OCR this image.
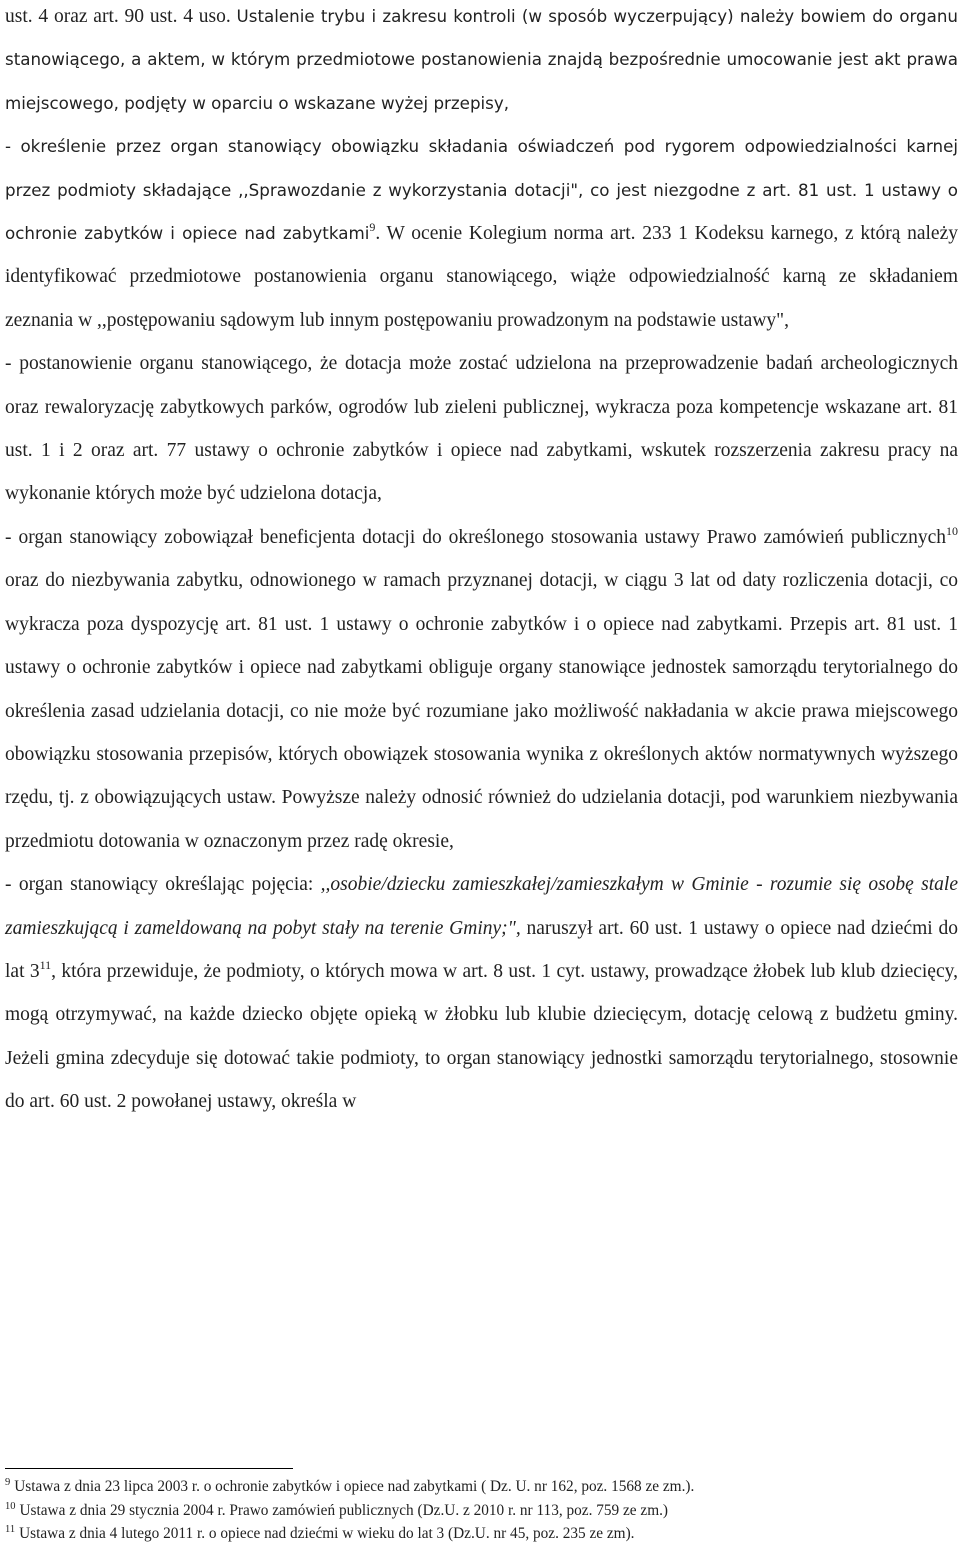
ust. 4 oraz art. 90 ust. 4 uso. Ustalenie trybu i zakresu kontroli (w sposób wyczerpujący) należy bowiem do organu stanowiącego, a aktem, w którym przedmiotowe postanowienia znajdą bezpośrednie umocowanie jest akt prawa miejscowego, podjęty w oparciu o wskazane wyżej przepisy,

- określenie przez organ stanowiący obowiązku składania oświadczeń pod rygorem odpowiedzialności karnej przez podmioty składające ,,Sprawozdanie z wykorzystania dotacji", co jest niezgodne z art. 81 ust. 1 ustawy o ochronie zabytków i opiece nad zabytkami$^9$. W ocenie Kolegium norma art. 233 1 Kodeksu karnego, z którą należy identyfikować przedmiotowe postanowienia organu stanowiącego, wiąże odpowiedzialność karną ze składaniem zeznania w ,,postępowaniu sądowym lub innym postępowaniu prowadzonym na podstawie ustawy",

- postanowienie organu stanowiącego, że dotacja może zostać udzielona na przeprowadzenie badań archeologicznych oraz rewaloryzację zabytkowych parków, ogrodów lub zieleni publicznej, wykracza poza kompetencje wskazane art. 81 ust. 1 i 2 oraz art. 77 ustawy o ochronie zabytków i opiece nad zabytkami, wskutek rozszerzenia zakresu pracy na wykonanie których może być udzielona dotacja,

- organ stanowiący zobowiązał beneficjenta dotacji do określonego stosowania ustawy Prawo zamówień publicznych$^{10}$ oraz do niezbywania zabytku, odnowionego w ramach przyznanej dotacji, w ciągu 3 lat od daty rozliczenia dotacji, co wykracza poza dyspozycję art. 81 ust. 1 ustawy o ochronie zabytków i o opiece nad zabytkami. Przepis art. 81 ust. 1 ustawy o ochronie zabytków i opiece nad zabytkami obliguje organy stanowiące jednostek samorządu terytorialnego do określenia zasad udzielania dotacji, co nie może być rozumiane jako możliwość nakładania w akcie prawa miejscowego obowiązku stosowania przepisów, których obowiązek stosowania wynika z określonych aktów normatywnych wyższego rzędu, tj. z obowiązujących ustaw. Powyższe należy odnosić również do udzielania dotacji, pod warunkiem niezbywania przedmiotu dotowania w oznaczonym przez radę okresie,

- organ stanowiący określając pojęcia: ,,osobie/dziecku zamieszkałej/zamieszkałym w Gminie - rozumie się osobę stale zamieszkującą i zameldowaną na pobyt stały na terenie Gminy;", naruszył art. 60 ust. 1 ustawy o opiece nad dziećmi do lat $3^{11}$, która przewiduje, że podmioty, o których mowa w art. 8 ust. 1 cyt. ustawy, prowadzące żłobek lub klub dziecięcy, mogą otrzymywać, na każde dziecko objęte opieką w żłobku lub klubie dziecięcym, dotację celową z budżetu gminy. Jeżeli gmina zdecyduje się dotować takie podmioty, to organ stanowiący jednostki samorządu terytorialnego, stosownie do art. 60 ust. 2 powołanej ustawy, określa w

$^9$ Ustawa z dnia 23 lipca 2003 r. o ochronie zabytków i opiece nad zabytkami ( Dz. U. nr 162, poz. 1568 ze zm.).

$^{10}$ Ustawa z dnia 29 stycznia 2004 r. Prawo zamówień publicznych (Dz.U. z 2010 r. nr 113, poz. 759 ze zm.)

$^{11}$ Ustawa z dnia 4 lutego 2011 r. o opiece nad dziećmi w wieku do lat 3 (Dz.U. nr 45, poz. 235 ze zm).
